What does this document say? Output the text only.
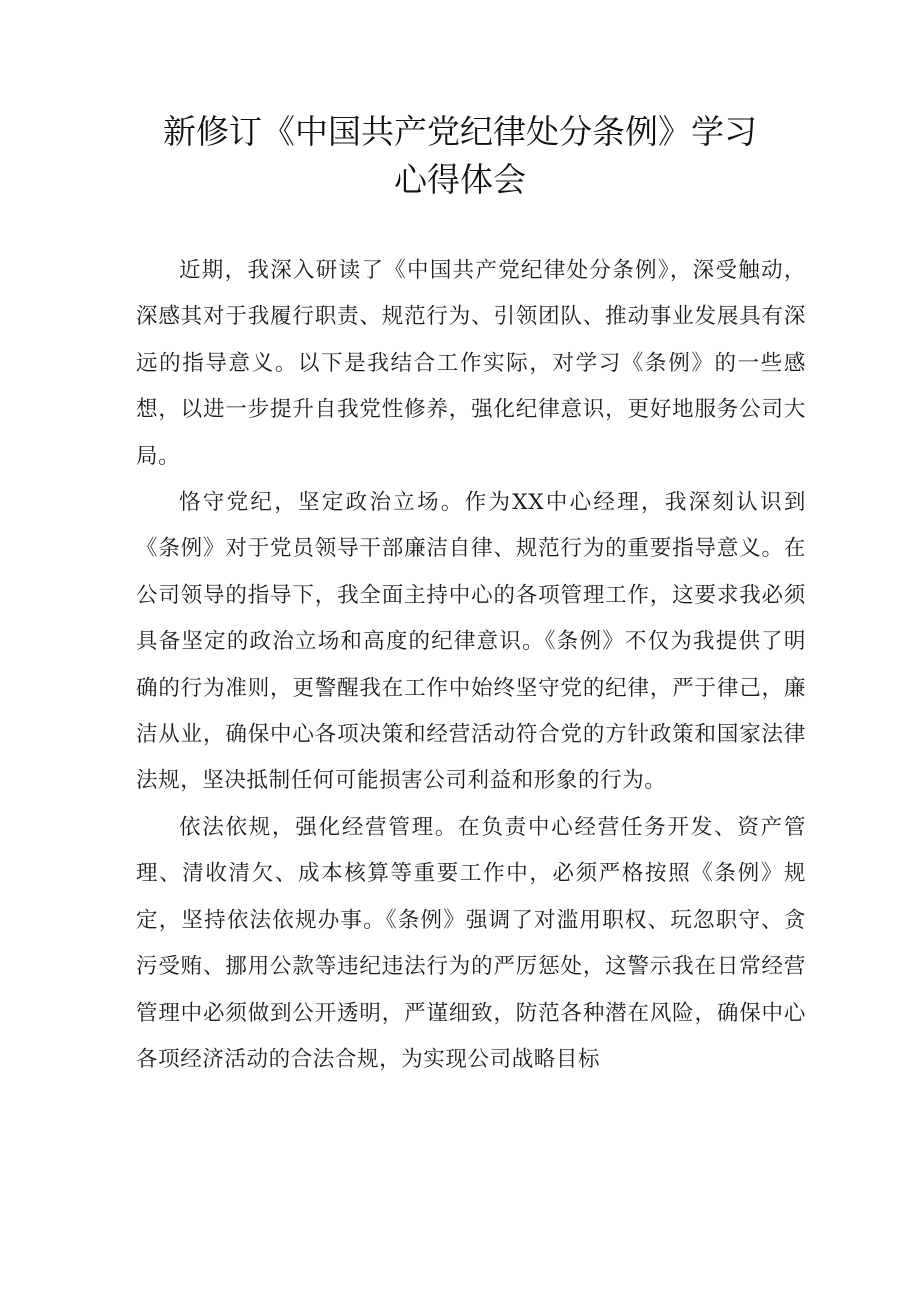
新修订《中国共产党纪律处分条例》学习
心得体会

近期，我深入研读了《中国共产党纪律处分条例》，深受触动，深感其对于我履行职责、规范行为、引领团队、推动事业发展具有深远的指导意义。以下是我结合工作实际，对学习《条例》的一些感想，以进一步提升自我党性修养，强化纪律意识，更好地服务公司大局。

恪守党纪，坚定政治立场。作为XX中心经理，我深刻认识到《条例》对于党员领导干部廉洁自律、规范行为的重要指导意义。在公司领导的指导下，我全面主持中心的各项管理工作，这要求我必须具备坚定的政治立场和高度的纪律意识。《条例》不仅为我提供了明确的行为准则，更警醒我在工作中始终坚守党的纪律，严于律己，廉洁从业，确保中心各项决策和经营活动符合党的方针政策和国家法律法规，坚决抵制任何可能损害公司利益和形象的行为。

依法依规，强化经营管理。在负责中心经营任务开发、资产管理、清收清欠、成本核算等重要工作中，必须严格按照《条例》规定，坚持依法依规办事。《条例》强调了对滥用职权、玩忽职守、贪污受贿、挪用公款等违纪违法行为的严厉惩处，这警示我在日常经营管理中必须做到公开透明，严谨细致，防范各种潜在风险，确保中心各项经济活动的合法合规，为实现公司战略目标
